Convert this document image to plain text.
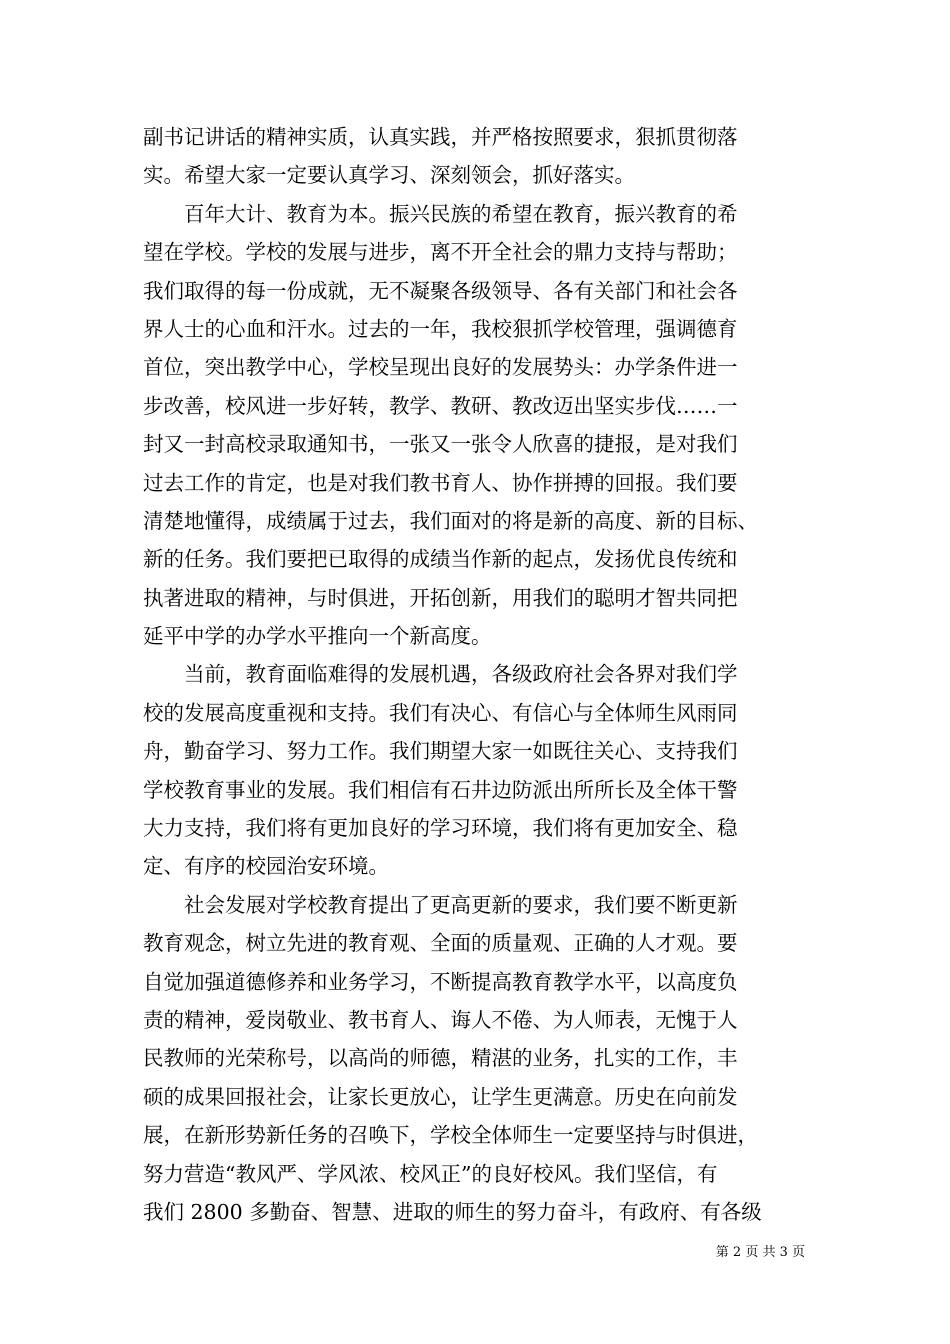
副书记讲话的精神实质，认真实践，并严格按照要求，狠抓贯彻落
实。希望大家一定要认真学习、深刻领会，抓好落实。
百年大计、教育为本。振兴民族的希望在教育，振兴教育的希
望在学校。学校的发展与进步，离不开全社会的鼎力支持与帮助；
我们取得的每一份成就，无不凝聚各级领导、各有关部门和社会各
界人士的心血和汗水。过去的一年，我校狠抓学校管理，强调德育
首位，突出教学中心，学校呈现出良好的发展势头：办学条件进一
步改善，校风进一步好转，教学、教研、教改迈出坚实步伐……一
封又一封高校录取通知书，一张又一张令人欣喜的捷报，是对我们
过去工作的肯定，也是对我们教书育人、协作拼搏的回报。我们要
清楚地懂得，成绩属于过去，我们面对的将是新的高度、新的目标、
新的任务。我们要把已取得的成绩当作新的起点，发扬优良传统和
执著进取的精神，与时俱进，开拓创新，用我们的聪明才智共同把
延平中学的办学水平推向一个新高度。
当前，教育面临难得的发展机遇，各级政府社会各界对我们学
校的发展高度重视和支持。我们有决心、有信心与全体师生风雨同
舟，勤奋学习、努力工作。我们期望大家一如既往关心、支持我们
学校教育事业的发展。我们相信有石井边防派出所所长及全体干警
大力支持，我们将有更加良好的学习环境，我们将有更加安全、稳
定、有序的校园治安环境。
社会发展对学校教育提出了更高更新的要求，我们要不断更新
教育观念，树立先进的教育观、全面的质量观、正确的人才观。要
自觉加强道德修养和业务学习，不断提高教育教学水平，以高度负
责的精神，爱岗敬业、教书育人、诲人不倦、为人师表，无愧于人
民教师的光荣称号，以高尚的师德，精湛的业务，扎实的工作，丰
硕的成果回报社会，让家长更放心，让学生更满意。历史在向前发
展，在新形势新任务的召唤下，学校全体师生一定要坚持与时俱进，
努力营造“教风严、学风浓、校风正”的良好校风。我们坚信，有
我们 2800 多勤奋、智慧、进取的师生的努力奋斗，有政府、有各级
第 2 页 共 3 页
